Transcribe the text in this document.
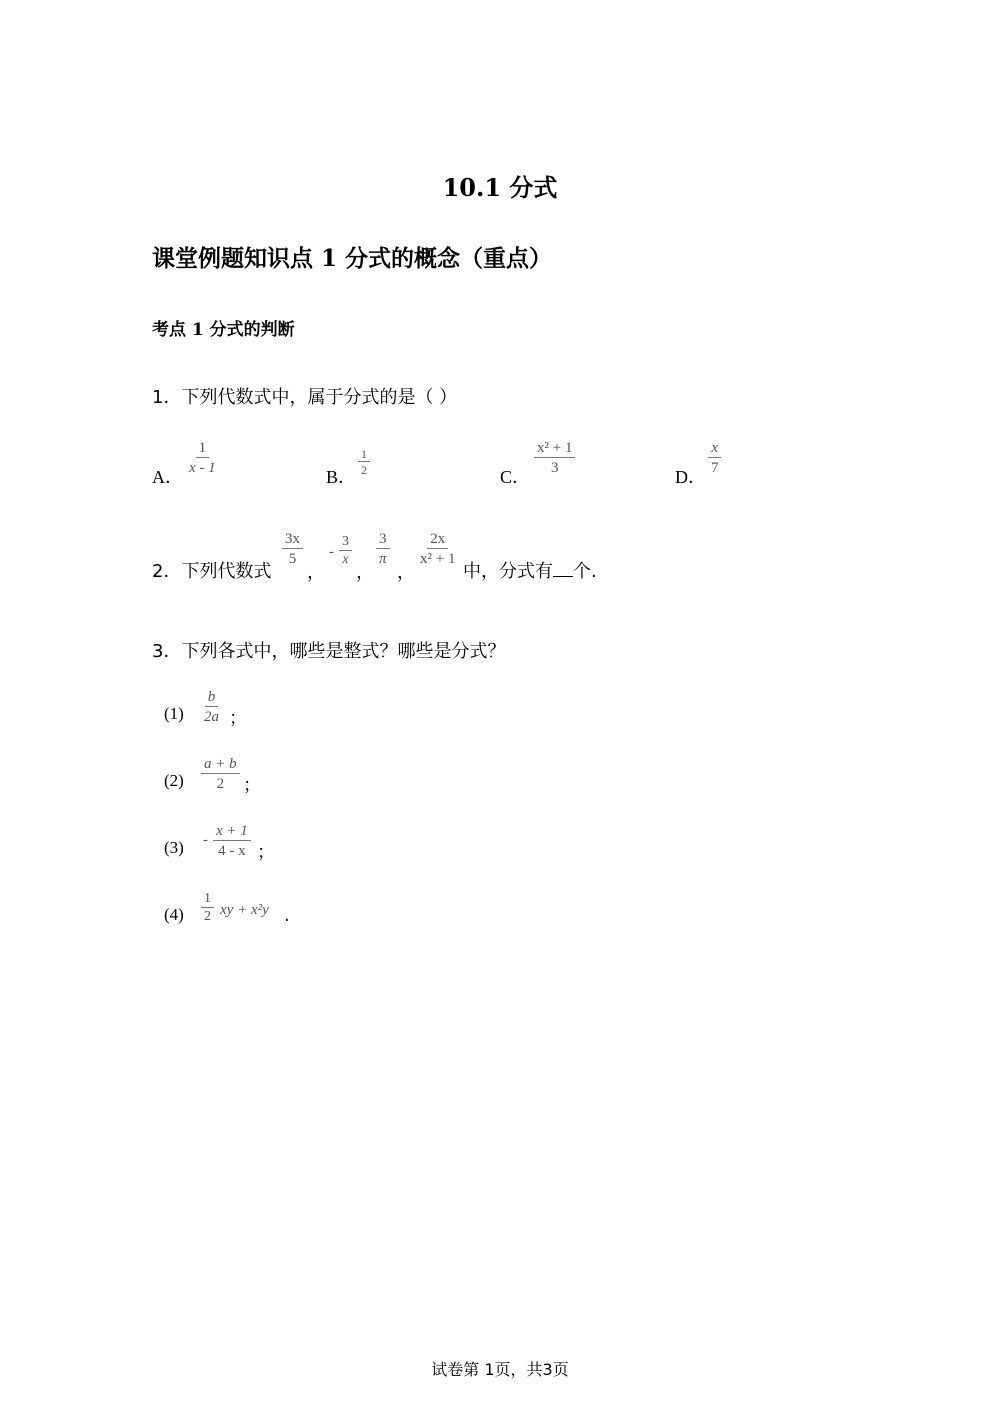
10.1 分式
课堂例题知识点 1 分式的概念（重点）
考点 1 分式的判断
1．下列代数式中，属于分式的是（ ）
A． $\frac{1}{x - 1}$	B． $\frac{1}{2}$	C． $\frac{\text{x² + 1}}{3}$	D． $\frac{x}{7}$
2．下列代数式
$\frac{3x}{5}$
，
- $\frac{3}{x}$
，
$\frac{3}{\pi}$
，
$\frac{2x}{\text{x² + 1}}$
中，分式有 个.
3．下列各式中，哪些是整式？哪些是分式？
$(1) \frac{b}{2a}$ ；
$(2) \frac{a + b}{2}$ ；
$(3) - \frac{x + 1}{4 - x}$ ；
$(4) \frac{1}{2}$ xy + x²y .
试卷第 1页，共3页
